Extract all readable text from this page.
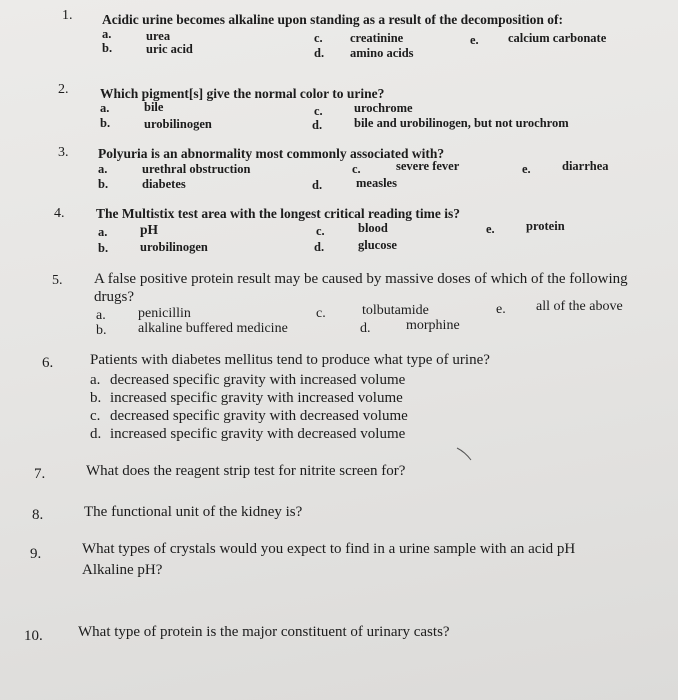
1. Acidic urine becomes alkaline upon standing as a result of the decomposition of:
a.	urea
b.	uric acid
c. creatinine
d. amino acids
e. calcium carbonate
2. Which pigment[s] give the normal color to urine?
a.	bile
b.	urobilinogen
c.	urochrome
d.	bile and urobilinogen, but not urochrom
3. Polyuria is an abnormality most commonly associated with?
a.	urethral obstruction
b.	diabetes
c.	severe fever
d.	measles
e.	diarrhea
4. The Multistix test area with the longest critical reading time is?
a. pH
b.	urobilinogen
c.	blood
d.	glucose
e.	protein
5. A false positive protein result may be caused by massive doses of which of the following
drugs?
a. penicillin
b. alkaline buffered medicine
c.	tolbutamide
d.	morphine
e. all of the above
6. Patients with diabetes mellitus tend to produce what type of urine?
a. decreased specific gravity with increased volume
b. increased specific gravity with increased volume
c. decreased specific gravity with decreased volume
d. increased specific gravity with decreased volume
7.	What does the reagent strip test for nitrite screen for?
8.	The functional unit of the kidney is?
9.	What types of crystals would you expect to find in a urine sample with an acid pH
Alkaline pH?
10. What type of protein is the major constituent of urinary casts?
